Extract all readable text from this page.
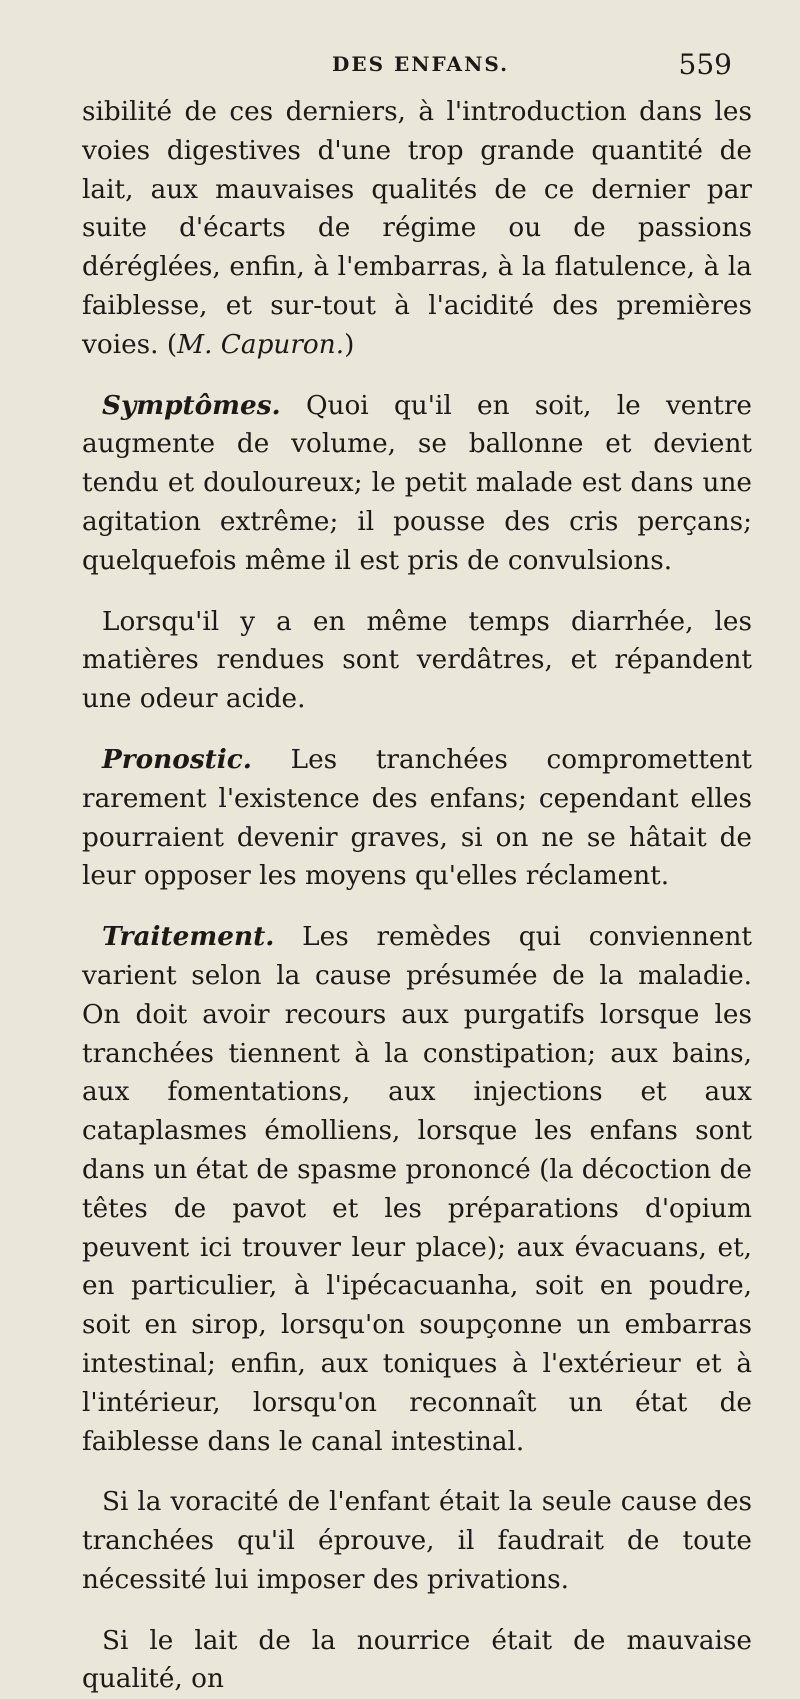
DES ENFANS.	559

sibilité de ces derniers, à l'introduction dans les voies digestives d'une trop grande quantité de lait, aux mauvaises qualités de ce dernier par suite d'écarts de régime ou de passions déréglées, enfin, à l'embarras, à la flatulence, à la faiblesse, et sur-tout à l'acidité des premières voies. (M. Capuron.)

Symptômes. Quoi qu'il en soit, le ventre augmente de volume, se ballonne et devient tendu et douloureux; le petit malade est dans une agitation extrême; il pousse des cris perçans; quelquefois même il est pris de convulsions.

Lorsqu'il y a en même temps diarrhée, les matières rendues sont verdâtres, et répandent une odeur acide.

Pronostic. Les tranchées compromettent rarement l'existence des enfans; cependant elles pourraient devenir graves, si on ne se hâtait de leur opposer les moyens qu'elles réclament.

Traitement. Les remèdes qui conviennent varient selon la cause présumée de la maladie. On doit avoir recours aux purgatifs lorsque les tranchées tiennent à la constipation; aux bains, aux fomentations, aux injections et aux cataplasmes émolliens, lorsque les enfans sont dans un état de spasme prononcé (la décoction de têtes de pavot et les préparations d'opium peuvent ici trouver leur place); aux évacuans, et, en particulier, à l'ipécacuanha, soit en poudre, soit en sirop, lorsqu'on soupçonne un embarras intestinal; enfin, aux toniques à l'extérieur et à l'intérieur, lorsqu'on reconnaît un état de faiblesse dans le canal intestinal.

Si la voracité de l'enfant était la seule cause des tranchées qu'il éprouve, il faudrait de toute nécessité lui imposer des privations.

Si le lait de la nourrice était de mauvaise qualité, on
